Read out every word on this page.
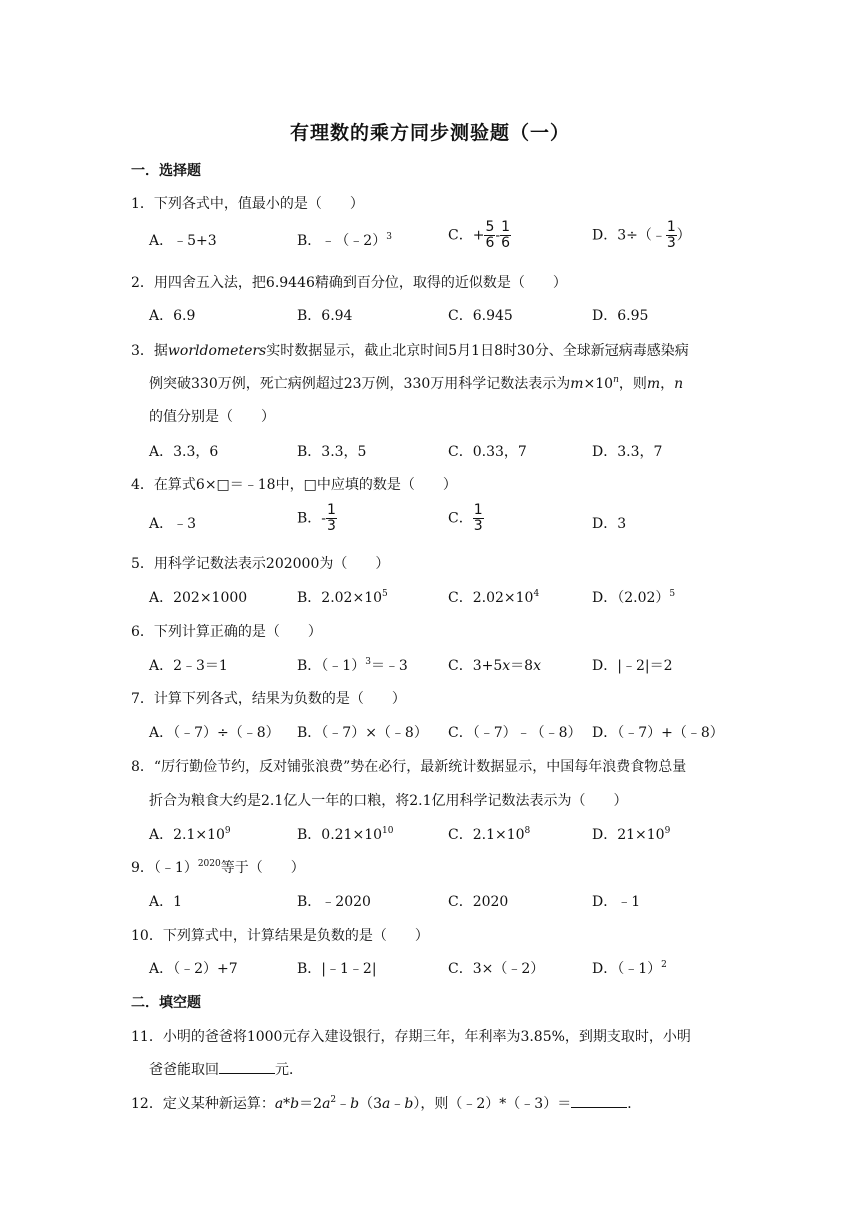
有理数的乘方同步测验题（一）
一．选择题
1．下列各式中，值最小的是（　　）
A．﹣5+3	B．﹣（﹣2）$^3$	C．+ $\frac{5}{6} - \frac{1}{6}$	D．3÷（﹣ $\frac{1}{3}$ ）
2．用四舍五入法，把6.9446精确到百分位，取得的近似数是（　　）
A．6.9	B．6.94	C．6.945	D．6.95
3．据worldometers实时数据显示，截止北京时间5月1日8时30分、全球新冠病毒感染病
例突破330万例，死亡病例超过23万例，330万用科学记数法表示为$m\times 10^n$，则m，n
的值分别是（　　）
A．3.3，6	B．3.3，5	C．0.33，7	D．3.3，7
4．在算式6×□＝﹣18中，□中应填的数是（　　）
A．﹣3	B．- $\frac{1}{3}$	C． $\frac{1}{3}$	D．3
5．用科学记数法表示202000为（　　）
A．202×1000	B．$2.02\times 10^5$	C．$2.02\times 10^4$	D．$(2.02)^5$
6．下列计算正确的是（　　）
A．2﹣3＝1	B．（﹣1）$^3$＝﹣3	C．3+5x＝8x	D．|﹣2|＝2
7．计算下列各式，结果为负数的是（　　）
A．（﹣7）÷（﹣8） B．（﹣7）×（﹣8） C．（﹣7）﹣（﹣8） D．（﹣7）+（﹣8）
8．“厉行勤俭节约，反对铺张浪费”势在必行，最新统计数据显示，中国每年浪费食物总量
折合为粮食大约是2.1亿人一年的口粮，将2.1亿用科学记数法表示为（　　）
A．$2.1\times 10^9$	B．$0.21\times 10^{10}$	C．$2.1\times 10^8$	D．$21\times 10^9$
9．（﹣1）$^{2020}$等于（　　）
A．1	B．﹣2020	C．2020	D．﹣1
10．下列算式中，计算结果是负数的是（　　）
A．（﹣2）+7	B．|﹣1﹣2|	C．3×（﹣2）	D．（﹣1）$^2$
二．填空题
11．小明的爸爸将1000元存入建设银行，存期三年，年利率为3.85%，到期支取时，小明
爸爸能取回	元．
12．定义某种新运算：$a*b=2a^2﹣b(3a﹣b)$，则（﹣2）*（﹣3）＝	．
